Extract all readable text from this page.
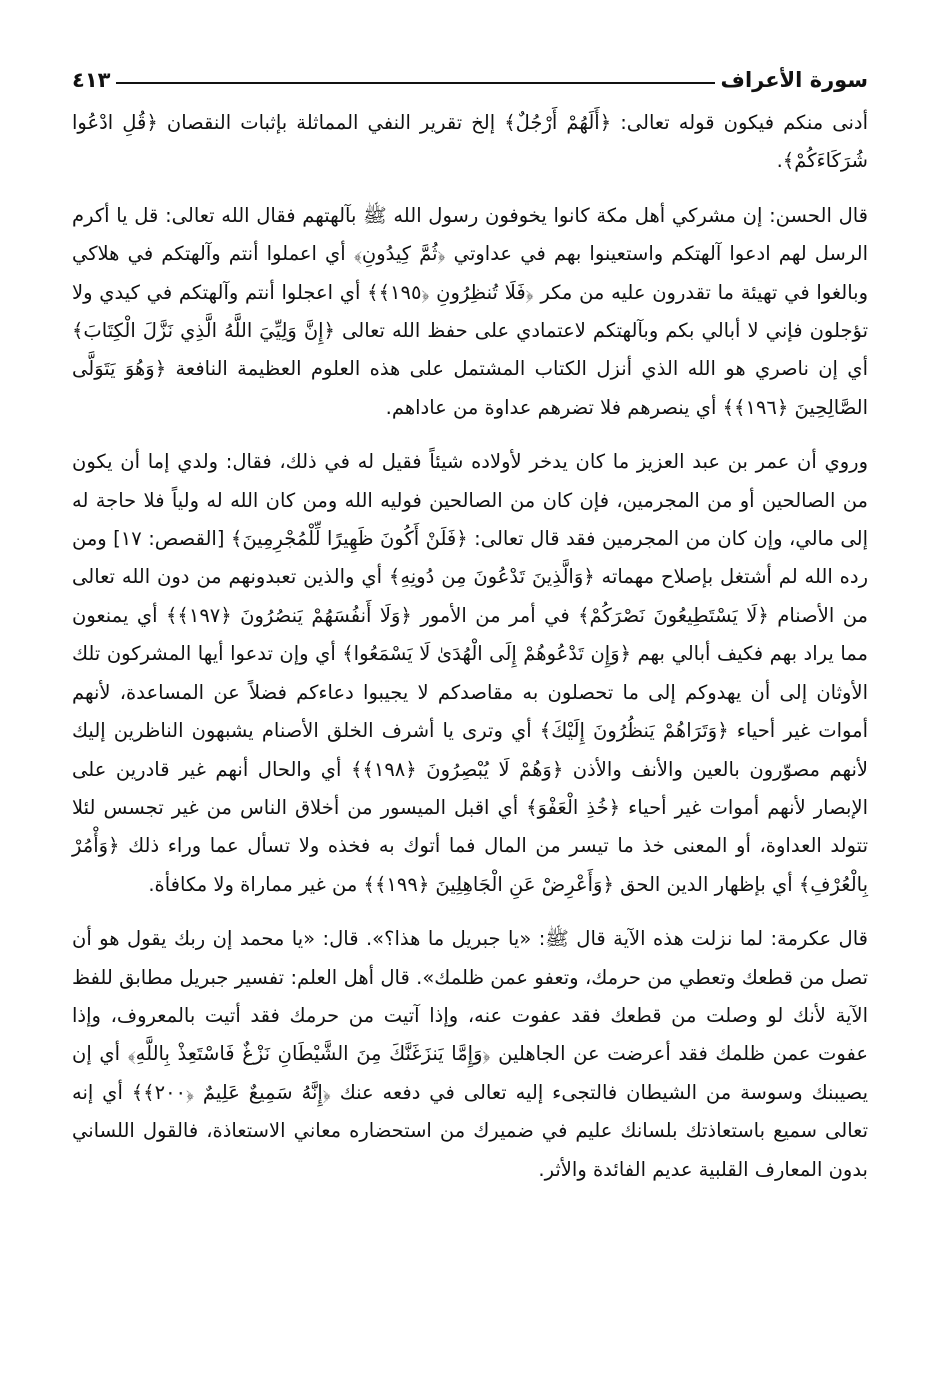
سورة الأعراف
٤١٣

أدنى منكم فيكون قوله تعالى: ﴿أَلَهُمْ أَرْجُلٌ﴾ إلخ تقرير النفي المماثلة بإثبات النقصان ﴿قُلِ ادْعُوا شُرَكَاءَكُمْ﴾.

قال الحسن: إن مشركي أهل مكة كانوا يخوفون رسول الله ﷺ بآلهتهم فقال الله تعالى: قل يا أكرم الرسل لهم ادعوا آلهتكم واستعينوا بهم في عداوتي ﴿ثُمَّ كِيدُونِ﴾ أي اعملوا أنتم وآلهتكم في هلاكي وبالغوا في تهيئة ما تقدرون عليه من مكر ﴿فَلَا تُنظِرُونِ ﴿١٩٥﴾﴾ أي اعجلوا أنتم وآلهتكم في كيدي ولا تؤجلون فإني لا أبالي بكم وبآلهتكم لاعتمادي على حفظ الله تعالى ﴿إِنَّ وَلِيِّيَ اللَّهُ الَّذِي نَزَّلَ الْكِتَابَ﴾ أي إن ناصري هو الله الذي أنزل الكتاب المشتمل على هذه العلوم العظيمة النافعة ﴿وَهُوَ يَتَوَلَّى الصَّالِحِينَ ﴿١٩٦﴾﴾ أي ينصرهم فلا تضرهم عداوة من عاداهم.

وروي أن عمر بن عبد العزيز ما كان يدخر لأولاده شيئاً فقيل له في ذلك، فقال: ولدي إما أن يكون من الصالحين أو من المجرمين، فإن كان من الصالحين فوليه الله ومن كان الله له ولياً فلا حاجة له إلى مالي، وإن كان من المجرمين فقد قال تعالى: ﴿فَلَنْ أَكُونَ ظَهِيرًا لِّلْمُجْرِمِينَ﴾ [القصص: ١٧] ومن رده الله لم أشتغل بإصلاح مهماته ﴿وَالَّذِينَ تَدْعُونَ مِن دُونِهِ﴾ أي والذين تعبدونهم من دون الله تعالى من الأصنام ﴿لَا يَسْتَطِيعُونَ نَصْرَكُمْ﴾ في أمر من الأمور ﴿وَلَا أَنفُسَهُمْ يَنصُرُونَ ﴿١٩٧﴾﴾ أي يمنعون مما يراد بهم فكيف أبالي بهم ﴿وَإِن تَدْعُوهُمْ إِلَى الْهُدَىٰ لَا يَسْمَعُوا﴾ أي وإن تدعوا أيها المشركون تلك الأوثان إلى أن يهدوكم إلى ما تحصلون به مقاصدكم لا يجيبوا دعاءكم فضلاً عن المساعدة، لأنهم أموات غير أحياء ﴿وَتَرَاهُمْ يَنظُرُونَ إِلَيْكَ﴾ أي وترى يا أشرف الخلق الأصنام يشبهون الناظرين إليك لأنهم مصوّرون بالعين والأنف والأذن ﴿وَهُمْ لَا يُبْصِرُونَ ﴿١٩٨﴾﴾ أي والحال أنهم غير قادرين على الإبصار لأنهم أموات غير أحياء ﴿خُذِ الْعَفْوَ﴾ أي اقبل الميسور من أخلاق الناس من غير تجسس لئلا تتولد العداوة، أو المعنى خذ ما تيسر من المال فما أتوك به فخذه ولا تسأل عما وراء ذلك ﴿وَأْمُرْ بِالْعُرْفِ﴾ أي بإظهار الدين الحق ﴿وَأَعْرِضْ عَنِ الْجَاهِلِينَ ﴿١٩٩﴾﴾ من غير مماراة ولا مكافأة.

قال عكرمة: لما نزلت هذه الآية قال ﷺ: «يا جبريل ما هذا؟». قال: «يا محمد إن ربك يقول هو أن تصل من قطعك وتعطي من حرمك، وتعفو عمن ظلمك». قال أهل العلم: تفسير جبريل مطابق للفظ الآية لأنك لو وصلت من قطعك فقد عفوت عنه، وإذا آتيت من حرمك فقد أتيت بالمعروف، وإذا عفوت عمن ظلمك فقد أعرضت عن الجاهلين ﴿وَإِمَّا يَنزَغَنَّكَ مِنَ الشَّيْطَانِ نَزْغٌ فَاسْتَعِذْ بِاللَّهِ﴾ أي إن يصيبنك وسوسة من الشيطان فالتجىء إليه تعالى في دفعه عنك ﴿إِنَّهُ سَمِيعٌ عَلِيمٌ ﴿٢٠٠﴾﴾ أي إنه تعالى سميع باستعاذتك بلسانك عليم في ضميرك من استحضاره معاني الاستعاذة، فالقول اللساني بدون المعارف القلبية عديم الفائدة والأثر.
